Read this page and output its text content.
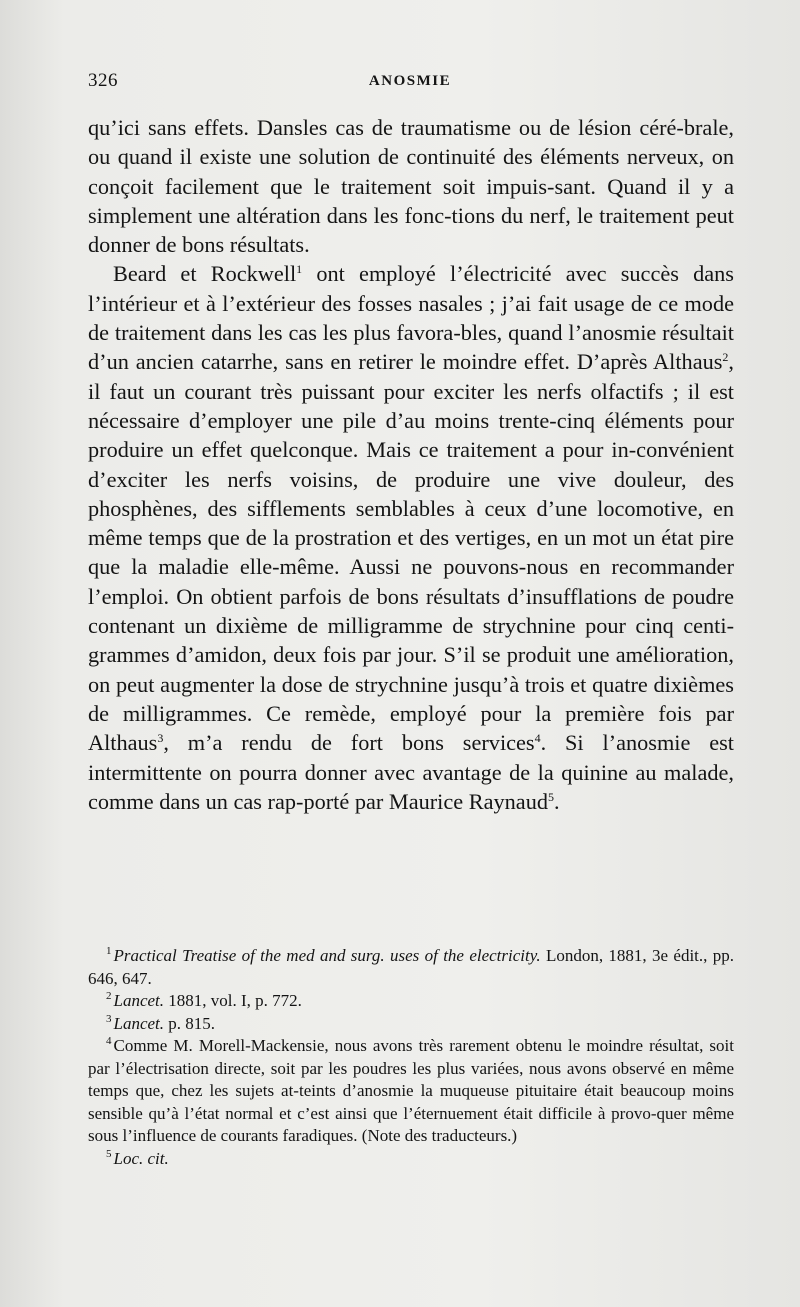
326	ANOSMIE

qu’ici sans effets. Dansles cas de traumatisme ou de lésion céré-brale, ou quand il existe une solution de continuité des éléments nerveux, on conçoit facilement que le traitement soit impuis-sant. Quand il y a simplement une altération dans les fonc-tions du nerf, le traitement peut donner de bons résultats.

Beard et Rockwell$^1$ ont employé l’électricité avec succès dans l’intérieur et à l’extérieur des fosses nasales ; j’ai fait usage de ce mode de traitement dans les cas les plus favora-bles, quand l’anosmie résultait d’un ancien catarrhe, sans en retirer le moindre effet. D’après Althaus$^2$, il faut un courant très puissant pour exciter les nerfs olfactifs ; il est nécessaire d’employer une pile d’au moins trente-cinq éléments pour produire un effet quelconque. Mais ce traitement a pour in-convénient d’exciter les nerfs voisins, de produire une vive douleur, des phosphènes, des sifflements semblables à ceux d’une locomotive, en même temps que de la prostration et des vertiges, en un mot un état pire que la maladie elle-même. Aussi ne pouvons-nous en recommander l’emploi. On obtient parfois de bons résultats d’insufflations de poudre contenant un dixième de milligramme de strychnine pour cinq centi-grammes d’amidon, deux fois par jour. S’il se produit une amélioration, on peut augmenter la dose de strychnine jusqu’à trois et quatre dixièmes de milligrammes. Ce remède, employé pour la première fois par Althaus$^3$, m’a rendu de fort bons services$^4$. Si l’anosmie est intermittente on pourra donner avec avantage de la quinine au malade, comme dans un cas rap-porté par Maurice Raynaud$^5$.

$^1$ Practical Treatise of the med and surg. uses of the electricity. London, 1881, 3e édit., pp. 646, 647.

$^2$ Lancet. 1881, vol. I, p. 772.

$^3$ Lancet. p. 815.

$^4$ Comme M. Morell-Mackensie, nous avons très rarement obtenu le moindre résultat, soit par l’électrisation directe, soit par les poudres les plus variées, nous avons observé en même temps que, chez les sujets at-teints d’anosmie la muqueuse pituitaire était beaucoup moins sensible qu’à l’état normal et c’est ainsi que l’éternuement était difficile à provo-quer même sous l’influence de courants faradiques. (Note des traducteurs.)

$^5$ Loc. cit.
